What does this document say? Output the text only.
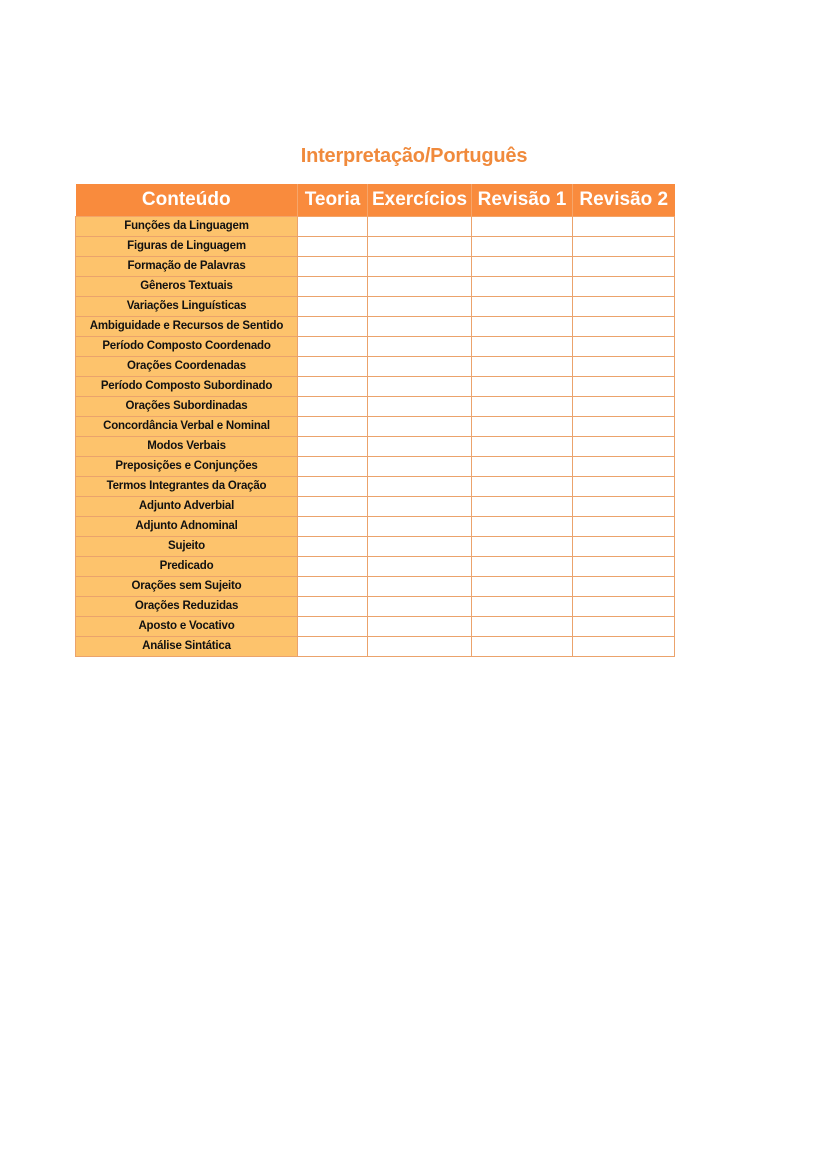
Interpretação/Português
Conteúdo	Teoria	Exercícios	Revisão 1	Revisão 2
Funções da Linguagem				
Figuras de Linguagem				
Formação de Palavras				
Gêneros Textuais				
Variações Linguísticas				
Ambiguidade e Recursos de Sentido				
Período Composto Coordenado				
Orações Coordenadas				
Período Composto Subordinado				
Orações Subordinadas				
Concordância Verbal e Nominal				
Modos Verbais				
Preposições e Conjunções				
Termos Integrantes da Oração				
Adjunto Adverbial				
Adjunto Adnominal				
Sujeito				
Predicado				
Orações sem Sujeito				
Orações Reduzidas				
Aposto e Vocativo				
Análise Sintática				
